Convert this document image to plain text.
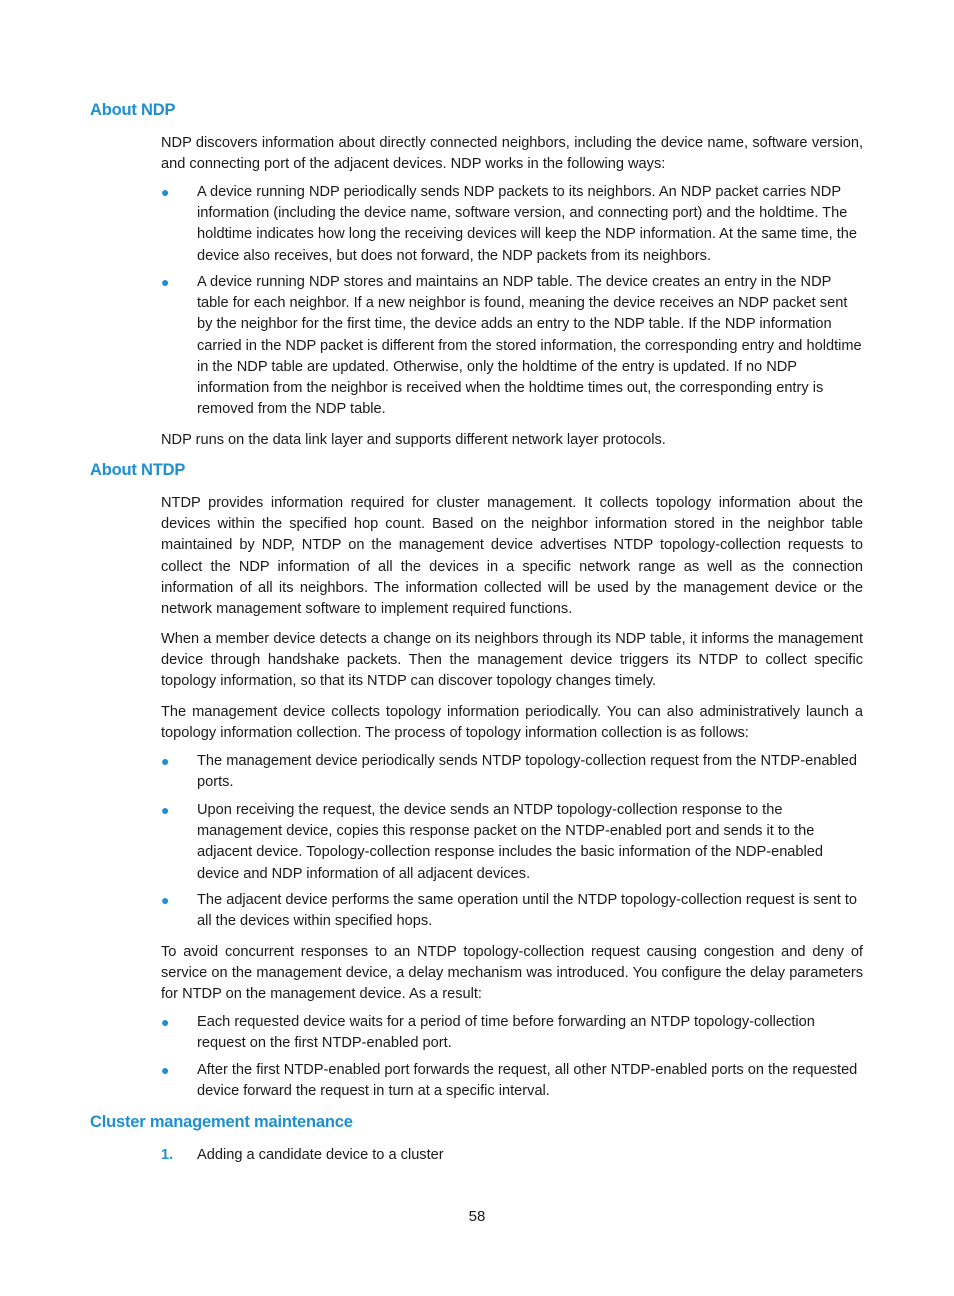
About NDP

NDP discovers information about directly connected neighbors, including the device name, software version, and connecting port of the adjacent devices. NDP works in the following ways:

● A device running NDP periodically sends NDP packets to its neighbors. An NDP packet carries NDP information (including the device name, software version, and connecting port) and the holdtime. The holdtime indicates how long the receiving devices will keep the NDP information. At the same time, the device also receives, but does not forward, the NDP packets from its neighbors.

● A device running NDP stores and maintains an NDP table. The device creates an entry in the NDP table for each neighbor. If a new neighbor is found, meaning the device receives an NDP packet sent by the neighbor for the first time, the device adds an entry to the NDP table. If the NDP information carried in the NDP packet is different from the stored information, the corresponding entry and holdtime in the NDP table are updated. Otherwise, only the holdtime of the entry is updated. If no NDP information from the neighbor is received when the holdtime times out, the corresponding entry is removed from the NDP table.

NDP runs on the data link layer and supports different network layer protocols.

About NTDP

NTDP provides information required for cluster management. It collects topology information about the devices within the specified hop count. Based on the neighbor information stored in the neighbor table maintained by NDP, NTDP on the management device advertises NTDP topology-collection requests to collect the NDP information of all the devices in a specific network range as well as the connection information of all its neighbors. The information collected will be used by the management device or the network management software to implement required functions.

When a member device detects a change on its neighbors through its NDP table, it informs the management device through handshake packets. Then the management device triggers its NTDP to collect specific topology information, so that its NTDP can discover topology changes timely.

The management device collects topology information periodically. You can also administratively launch a topology information collection. The process of topology information collection is as follows:

● The management device periodically sends NTDP topology-collection request from the NTDP-enabled ports.

● Upon receiving the request, the device sends an NTDP topology-collection response to the management device, copies this response packet on the NTDP-enabled port and sends it to the adjacent device. Topology-collection response includes the basic information of the NDP-enabled device and NDP information of all adjacent devices.

● The adjacent device performs the same operation until the NTDP topology-collection request is sent to all the devices within specified hops.

To avoid concurrent responses to an NTDP topology-collection request causing congestion and deny of service on the management device, a delay mechanism was introduced. You configure the delay parameters for NTDP on the management device. As a result:

● Each requested device waits for a period of time before forwarding an NTDP topology-collection request on the first NTDP-enabled port.

● After the first NTDP-enabled port forwards the request, all other NTDP-enabled ports on the requested device forward the request in turn at a specific interval.

Cluster management maintenance
1. Adding a candidate device to a cluster

58
